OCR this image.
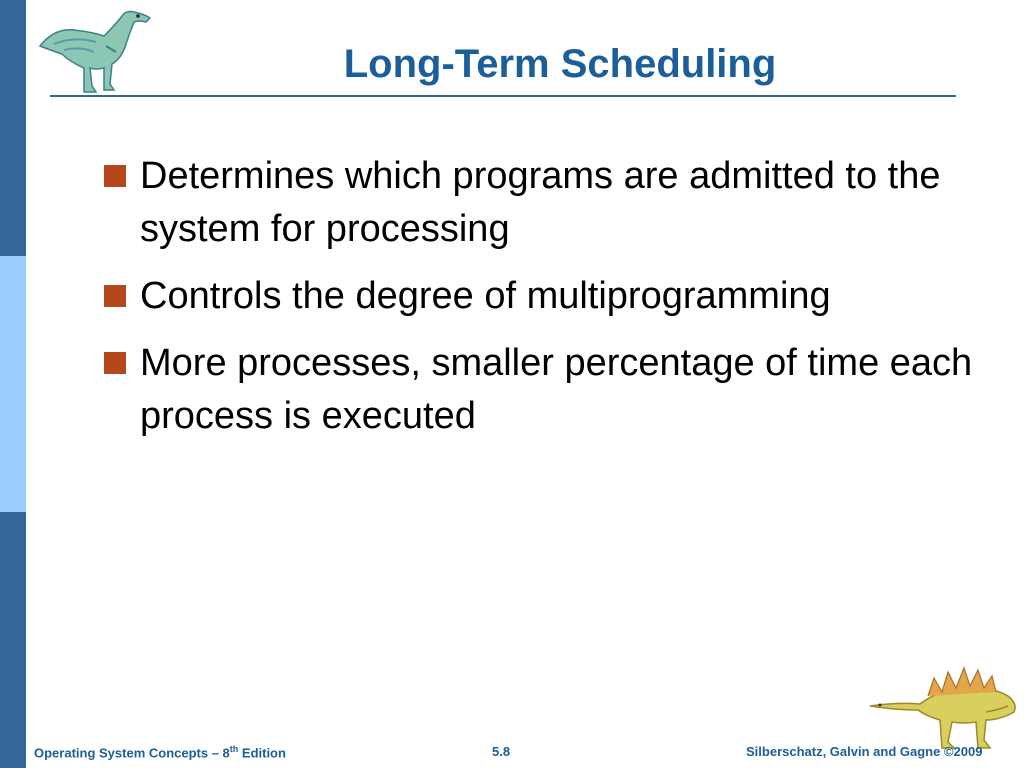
Long-Term Scheduling
Determines which programs are admitted to the system for processing
Controls the degree of multiprogramming
More processes, smaller percentage of time each process is executed
Operating System Concepts – 8th Edition	5.8	Silberschatz, Galvin and Gagne ©2009
